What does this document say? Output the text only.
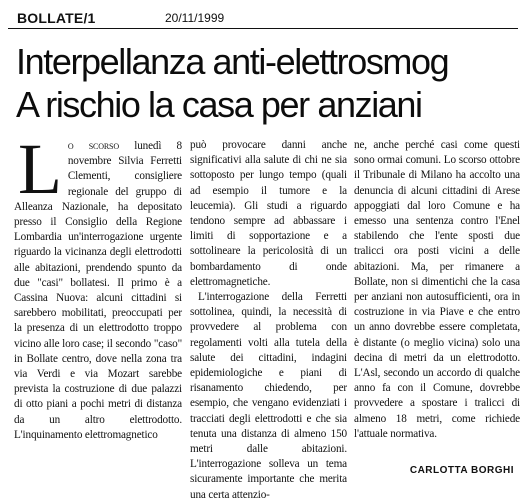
BOLLATE/1	20/11/1999
Interpellanza anti-elettrosmog
A rischio la casa per anziani
L o scorso lunedì 8 novembre Silvia Ferretti Clementi, consigliere regionale del gruppo di Alleanza Nazionale, ha depositato presso il Consiglio della Regione Lombardia un'interrogazione urgente riguardo la vicinanza degli elettrodotti alle abitazioni, prendendo spunto da due "casi" bollatesi. Il primo è a Cassina Nuova: alcuni cittadini si sarebbero mobilitati, preoccupati per la presenza di un elettrodotto troppo vicino alle loro case; il secondo "caso" in Bollate centro, dove nella zona tra via Verdi e via Mozart sarebbe prevista la costruzione di due palazzi di otto piani a pochi metri di distanza da un altro elettrodotto. L'inquinamento elettromagnetico

può provocare danni anche significativi alla salute di chi ne sia sottoposto per lungo tempo (quali ad esempio il tumore e la leucemia). Gli studi a riguardo tendono sempre ad abbassare i limiti di sopportazione e a sottolineare la pericolosità di un bombardamento di onde elettromagnetiche.

L'interrogazione della Ferretti sottolinea, quindi, la necessità di provvedere al problema con regolamenti volti alla tutela della salute dei cittadini, indagini epidemiologiche e piani di risanamento chiedendo, per esempio, che vengano evidenziati i tracciati degli elettrodotti e che sia tenuta una distanza di almeno 150 metri dalle abitazioni. L'interrogazione solleva un tema sicuramente importante che merita una certa attenzio-

ne, anche perché casi come questi sono ormai comuni. Lo scorso ottobre il Tribunale di Milano ha accolto una denuncia di alcuni cittadini di Arese appoggiati dal loro Comune e ha emesso una sentenza contro l'Enel stabilendo che l'ente sposti due tralicci ora posti vicini a delle abitazioni. Ma, per rimanere a Bollate, non si dimentichi che la casa per anziani non autosufficienti, ora in costruzione in via Piave e che entro un anno dovrebbe essere completata, è distante (o meglio vicina) solo una decina di metri da un elettrodotto. L'Asl, secondo un accordo di qualche anno fa con il Comune, dovrebbe provvedere a spostare i tralicci di almeno 18 metri, come richiede l'attuale normativa.

CARLOTTA BORGHI
